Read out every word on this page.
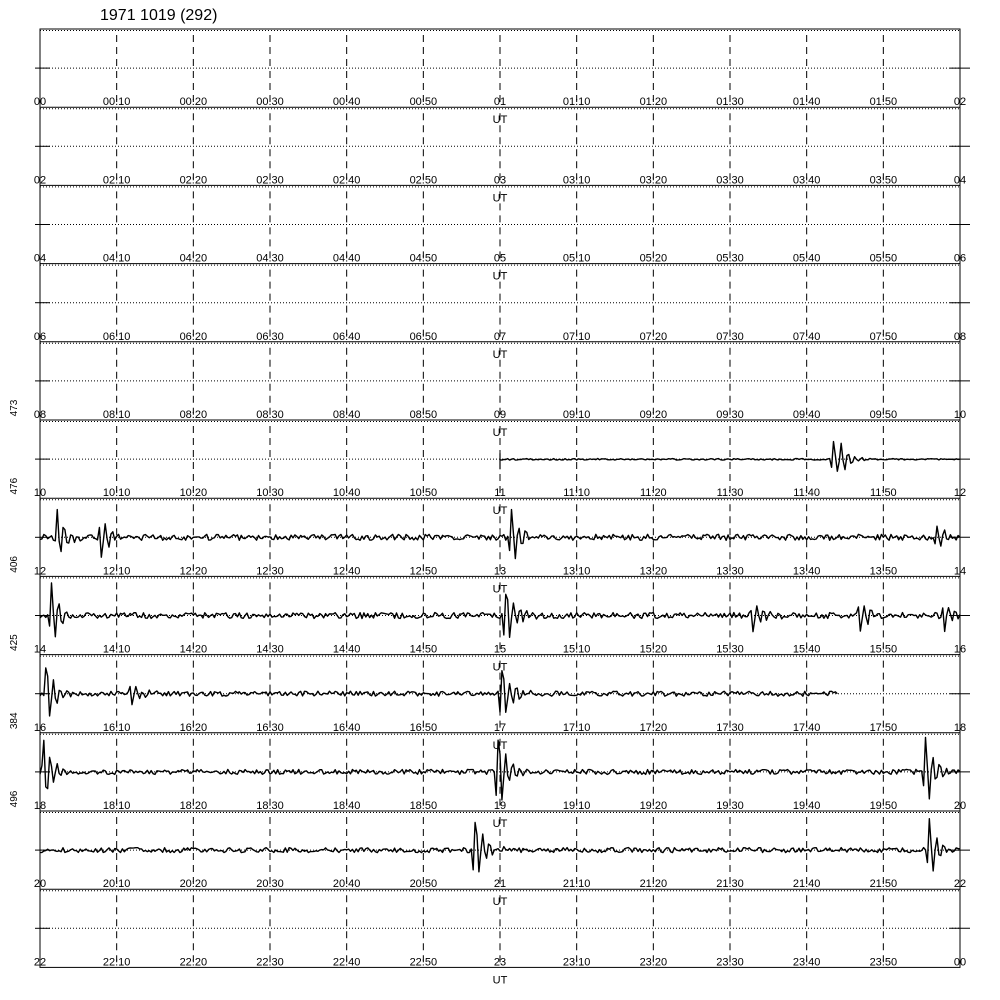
1971 1019 (292)
00	00:10	00:20	00:30	00:40	00:50	01	01:10	01:20	01:30	01:40	01:50	02
UT
02	02:10	02:20	02:30	02:40	02:50	03	03:10	03:20	03:30	03:40	03:50	04
UT
04	04:10	04:20	04:30	04:40	04:50	05	05:10	05:20	05:30	05:40	05:50	06
UT
06	06:10	06:20	06:30	06:40	06:50	07	07:10	07:20	07:30	07:40	07:50	08
UT
08	08:10	08:20	08:30	08:40	08:50	09	09:10	09:20	09:30	09:40	09:50	10
UT
10	10:10	10:20	10:30	10:40	10:50	11	11:10	11:20	11:30	11:40	11:50	12
UT
473
12	12:10	12:20	12:30	12:40	12:50	13	13:10	13:20	13:30	13:40	13:50	14
UT
476
14	14:10	14:20	14:30	14:40	14:50	15	15:10	15:20	15:30	15:40	15:50	16
UT
406
16	16:10	16:20	16:30	16:40	16:50	17	17:10	17:20	17:30	17:40	17:50	18
UT
425
18	18:10	18:20	18:30	18:40	18:50	19	19:10	19:20	19:30	19:40	19:50	20
UT
384
20	20:10	20:20	20:30	20:40	20:50	21	21:10	21:20	21:30	21:40	21:50	22
UT
496
22	22:10	22:20	22:30	22:40	22:50	23	23:10	23:20	23:30	23:40	23:50	00
UT
